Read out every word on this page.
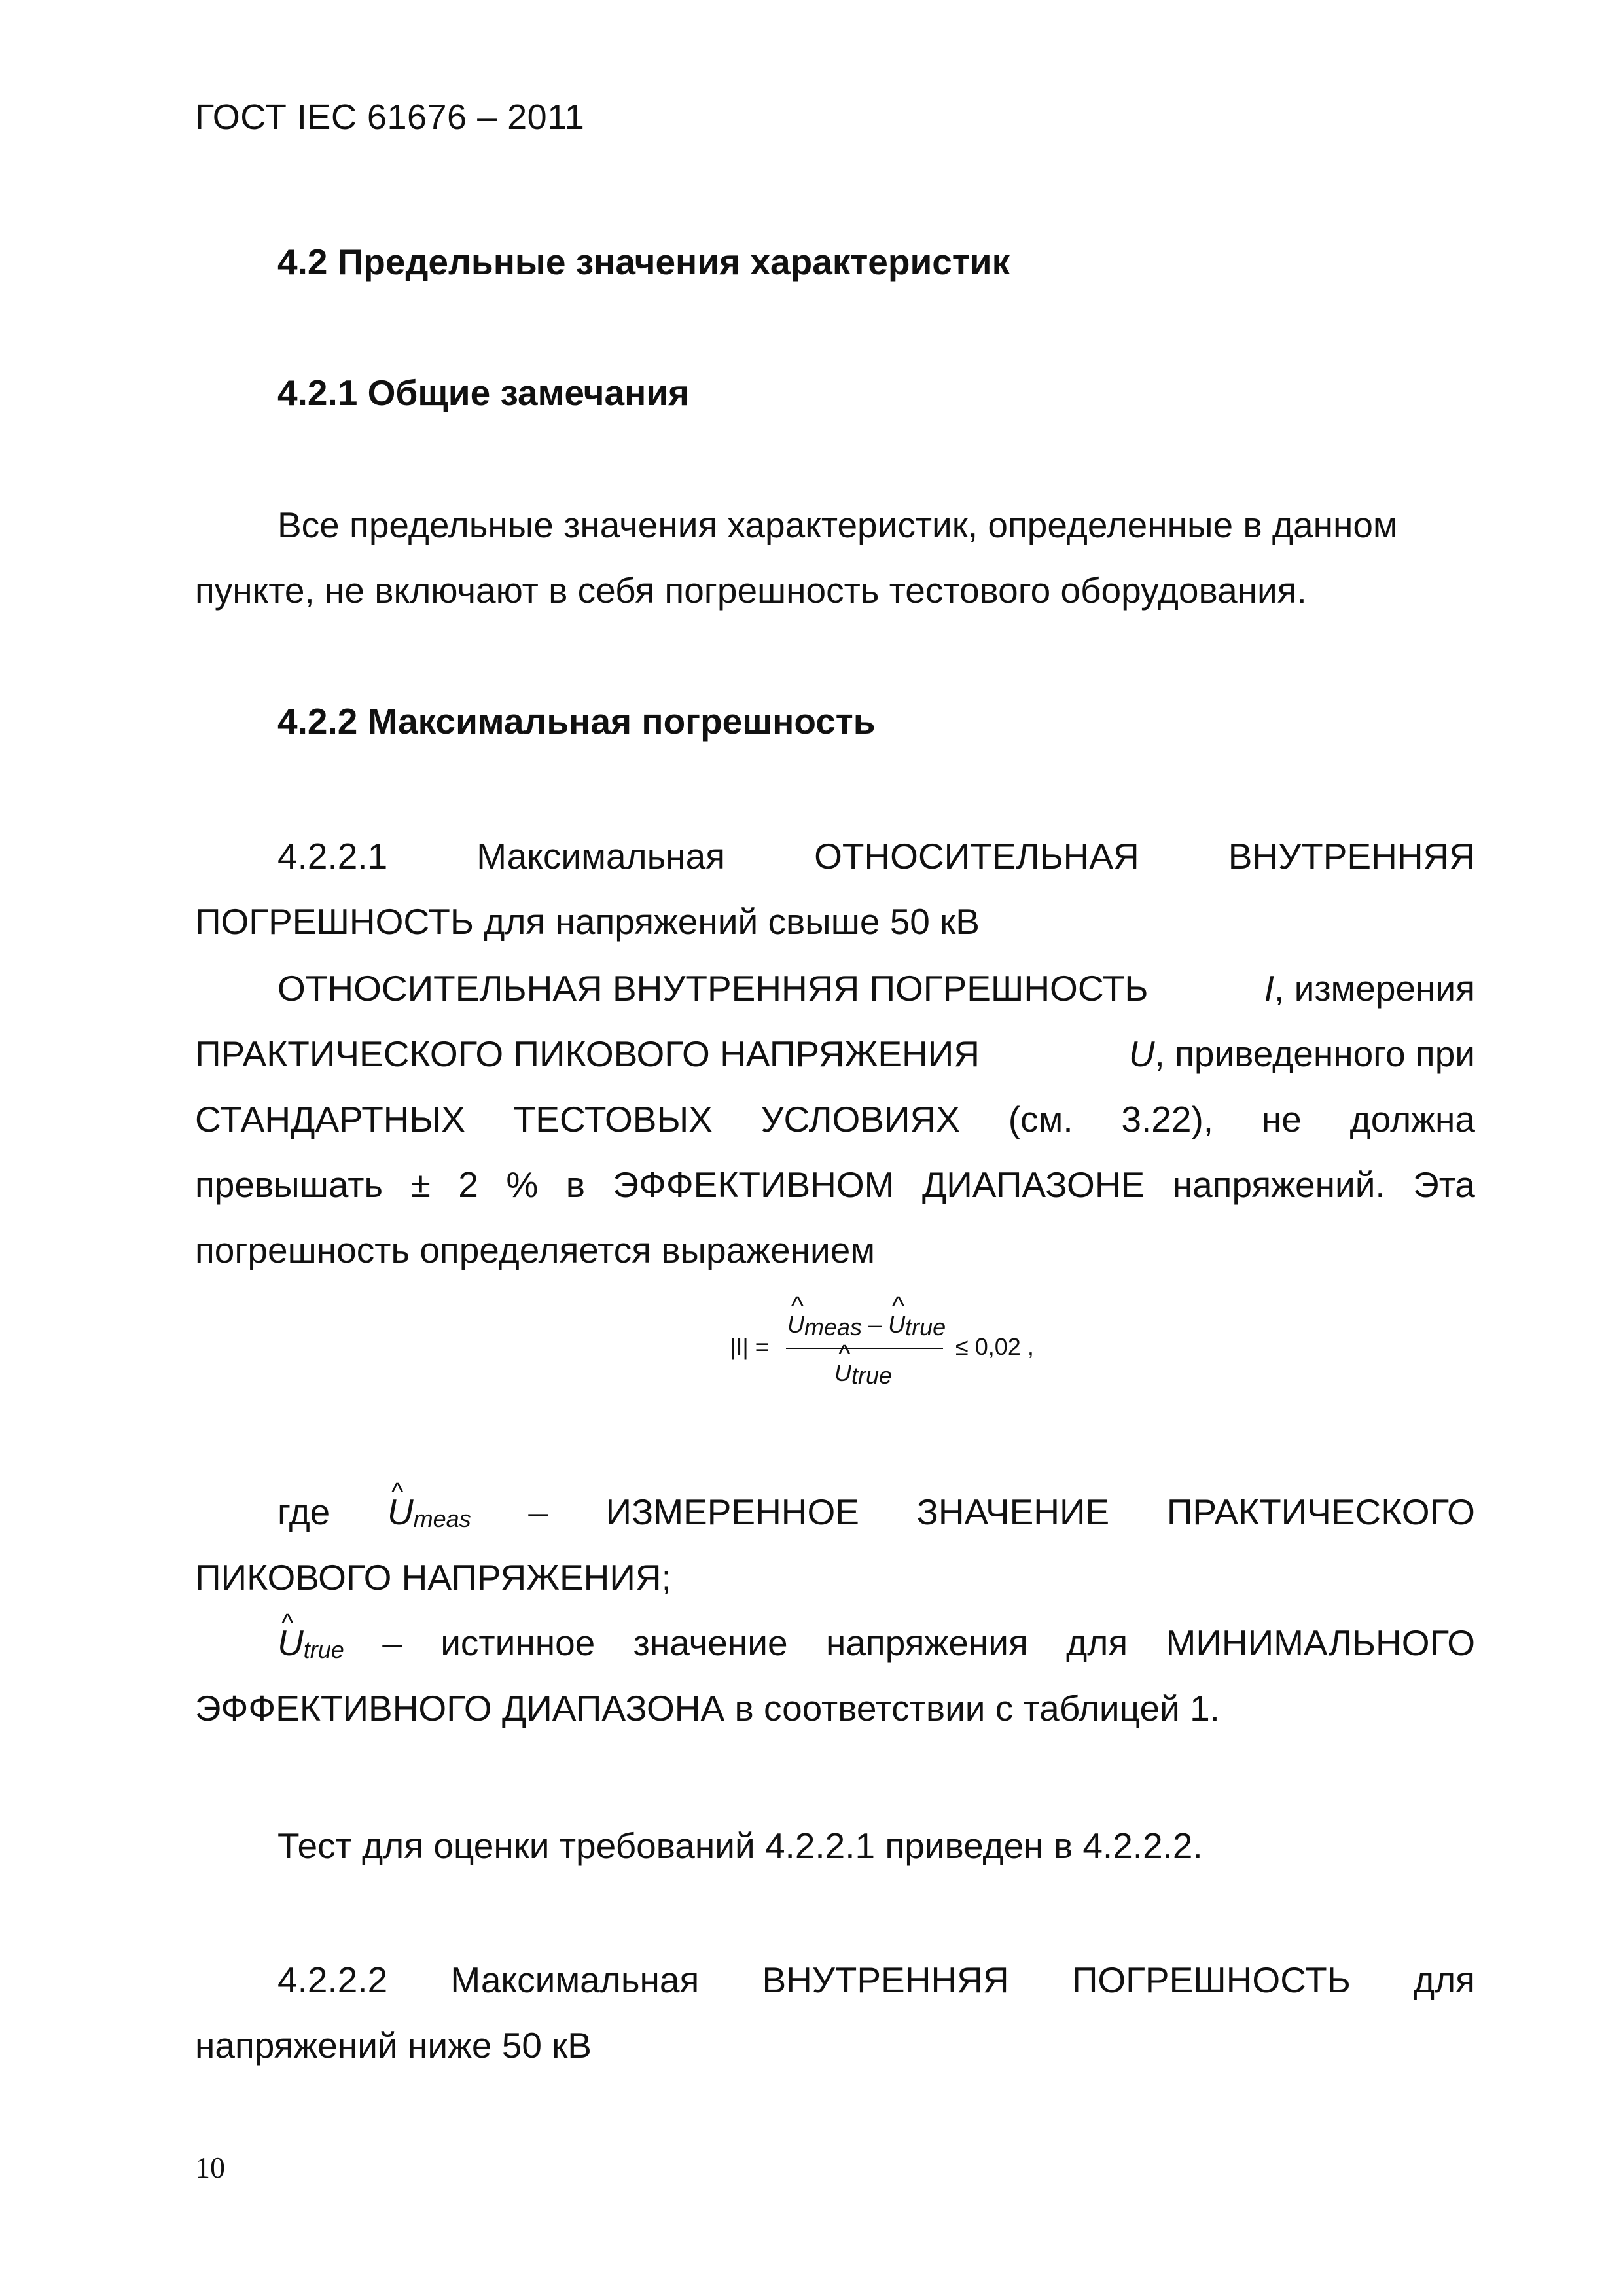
ГОСТ IEC 61676 – 2011
4.2 Предельные значения характеристик
4.2.1 Общие замечания
Все предельные значения характеристик, определенные в данном
пункте, не включают в себя погрешность тестового оборудования.
4.2.2 Максимальная погрешность
4.2.2.1 Максимальная ОТНОСИТЕЛЬНАЯ ВНУТРЕННЯЯ
ПОГРЕШНОСТЬ для напряжений свыше 50 кВ
ОТНОСИТЕЛЬНАЯ ВНУТРЕННЯЯ ПОГРЕШНОСТЬ	I, измерения
ПРАКТИЧЕСКОГО ПИКОВОГО НАПРЯЖЕНИЯ	U, приведенного при
СТАНДАРТНЫХ ТЕСТОВЫХ УСЛОВИЯХ (см. 3.22), не должна
превышать ± 2 % в ЭФФЕКТИВНОМ ДИАПАЗОНЕ напряжений. Эта
погрешность определяется выражением
|I| =
^ $U_{meas}$ – ^ $U_{true}$
^ $U_{true}$
≤ 0,02 ,
где ^ $U_{meas}$ – ИЗМЕРЕННОЕ ЗНАЧЕНИЕ ПРАКТИЧЕСКОГО
ПИКОВОГО НАПРЯЖЕНИЯ;
^ $U_{true}$ – истинное значение напряжения для МИНИМАЛЬНОГО
ЭФФЕКТИВНОГО ДИАПАЗОНА в соответствии с таблицей 1.
Тест для оценки требований 4.2.2.1 приведен в 4.2.2.2.
4.2.2.2 Максимальная ВНУТРЕННЯЯ ПОГРЕШНОСТЬ для
напряжений ниже 50 кВ
10
